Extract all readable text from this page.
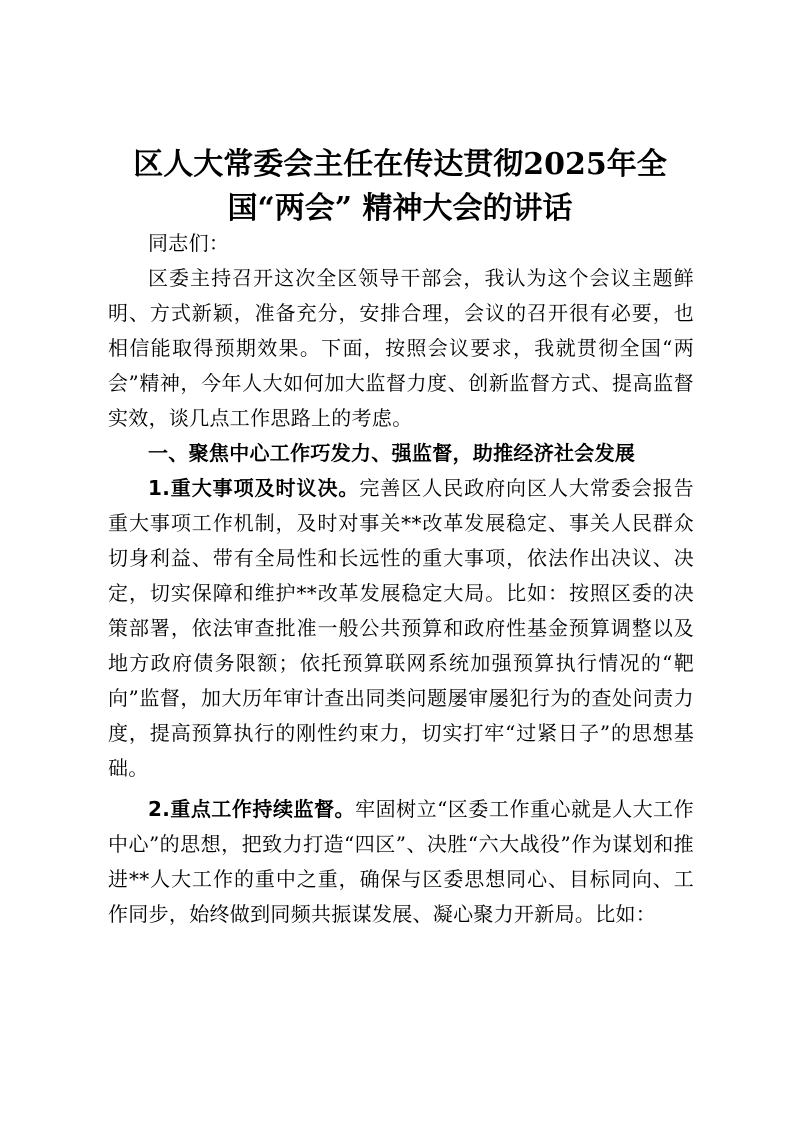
区人大常委会主任在传达贯彻2025年全国“两会” 精神大会的讲话

同志们：

区委主持召开这次全区领导干部会，我认为这个会议主题鲜明、方式新颖，准备充分，安排合理，会议的召开很有必要，也相信能取得预期效果。下面，按照会议要求，我就贯彻全国“两会”精神，今年人大如何加大监督力度、创新监督方式、提高监督实效，谈几点工作思路上的考虑。

一、聚焦中心工作巧发力、强监督，助推经济社会发展

1.重大事项及时议决。完善区人民政府向区人大常委会报告重大事项工作机制，及时对事关**改革发展稳定、事关人民群众切身利益、带有全局性和长远性的重大事项，依法作出决议、决定，切实保障和维护**改革发展稳定大局。比如：按照区委的决策部署，依法审查批准一般公共预算和政府性基金预算调整以及地方政府债务限额；依托预算联网系统加强预算执行情况的“靶向”监督，加大历年审计查出同类问题屡审屡犯行为的查处问责力度，提高预算执行的刚性约束力，切实打牢“过紧日子”的思想基础。

2.重点工作持续监督。牢固树立“区委工作重心就是人大工作中心”的思想，把致力打造“四区”、决胜“六大战役”作为谋划和推进**人大工作的重中之重，确保与区委思想同心、目标同向、工作同步，始终做到同频共振谋发展、凝心聚力开新局。比如：
